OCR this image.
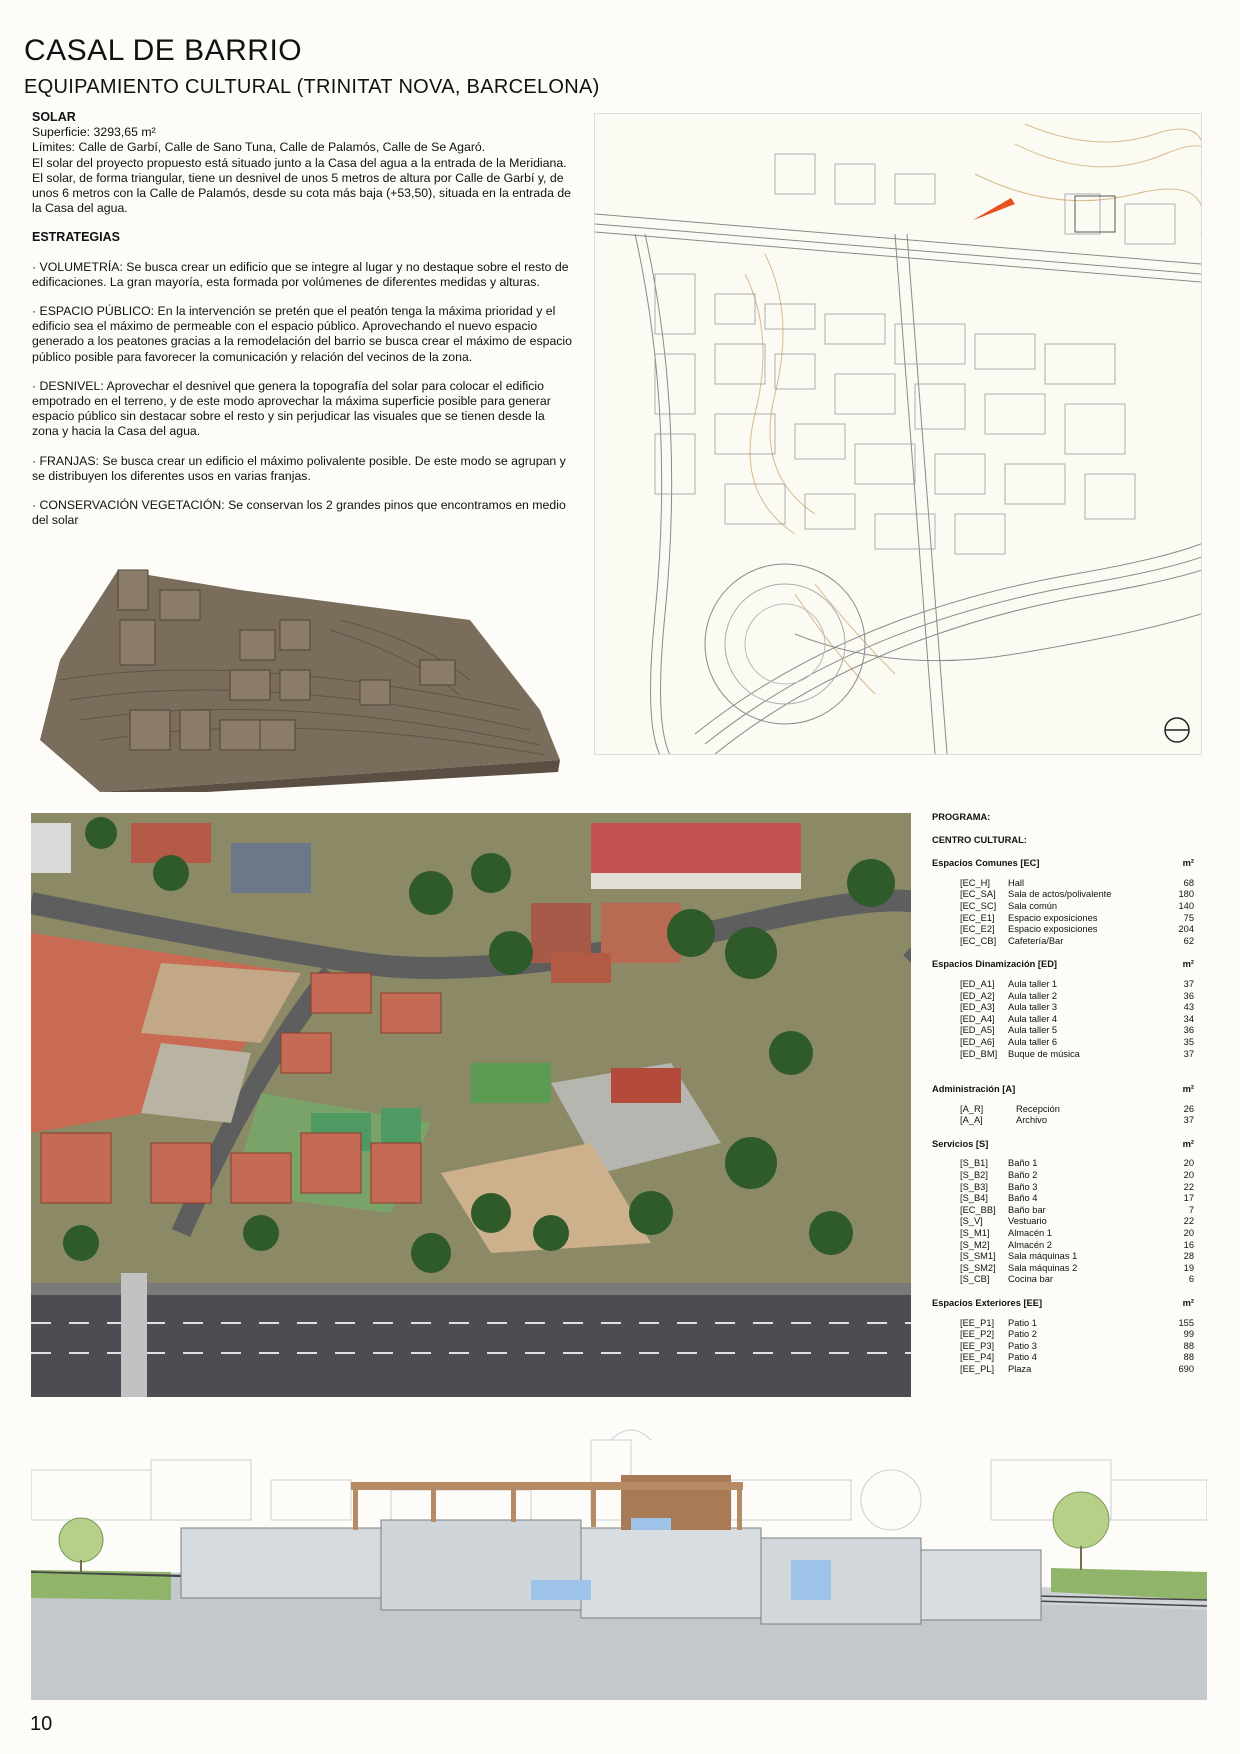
CASAL DE BARRIO
EQUIPAMIENTO CULTURAL (TRINITAT NOVA, BARCELONA)
SOLAR

Superficie: 3293,65 m²

Límites: Calle de Garbí, Calle de Sano Tuna, Calle de Palamós, Calle de Se Agaró.

El solar del proyecto propuesto está situado junto a la Casa del agua a la entrada de la Meridiana. El solar, de forma triangular, tiene un desnivel de unos 5 metros de altura por Calle de Garbí y, de unos 6 metros con la Calle de Palamós, desde su cota más baja (+53,50), situada en la entrada de la Casa del agua.

ESTRATEGIAS

· VOLUMETRÍA: Se busca crear un edificio que se integre al lugar y no destaque sobre el resto de edificaciones. La gran mayoría, esta formada por volúmenes de diferentes medidas y alturas.

· ESPACIO PÚBLICO: En la intervención se pretén que el peatón tenga la máxima prioridad y el edificio sea el máximo de permeable con el espacio público. Aprovechando el nuevo espacio generado a los peatones gracias a la remodelación del barrio se busca crear el máximo de espacio público posible para favorecer la comunicación y relación del vecinos de la zona.

· DESNIVEL: Aprovechar el desnivel que genera la topografía del solar para colocar el edificio empotrado en el terreno, y de este modo aprovechar la máxima superficie posible para generar espacio público sin destacar sobre el resto y sin perjudicar las visuales que se tienen desde la zona y hacia la Casa del agua.

· FRANJAS: Se busca crear un edificio el máximo polivalente posible. De este modo se agrupan y se distribuyen los diferentes usos en varias franjas.

· CONSERVACIÓN VEGETACIÓN: Se conservan los 2 grandes pinos que encontramos en medio del solar

PROGRAMA:
CENTRO CULTURAL:
Espacios Comunes [EC]	m²
[EC_H]	Hall	68
[EC_SA]	Sala de actos/polivalente	180
[EC_SC]	Sala común	140
[EC_E1]	Espacio exposiciones	75
[EC_E2]	Espacio exposiciones	204
[EC_CB]	Cafetería/Bar	62
Espacios Dinamización [ED]	m²
[ED_A1]	Aula taller 1	37
[ED_A2]	Aula taller 2	36
[ED_A3]	Aula taller 3	43
[ED_A4]	Aula taller 4	34
[ED_A5]	Aula taller 5	36
[ED_A6]	Aula taller 6	35
[ED_BM]	Buque de música	37
Administración [A]	m²
[A_R]	Recepción	26
[A_A]	Archivo	37
Servicios [S]	m²
[S_B1]	Baño 1	20
[S_B2]	Baño 2	20
[S_B3]	Baño 3	22
[S_B4]	Baño 4	17
[EC_BB]	Baño bar	7
[S_V]	Vestuario	22
[S_M1]	Almacén 1	20
[S_M2]	Almacén 2	16
[S_SM1]	Sala máquinas 1	28
[S_SM2]	Sala máquinas 2	19
[S_CB]	Cocina bar	6
Espacios Exteriores [EE]	m²
[EE_P1]	Patio 1	155
[EE_P2]	Patio 2	99
[EE_P3]	Patio 3	88
[EE_P4]	Patio 4	88
[EE_PL]	Plaza	690
10
